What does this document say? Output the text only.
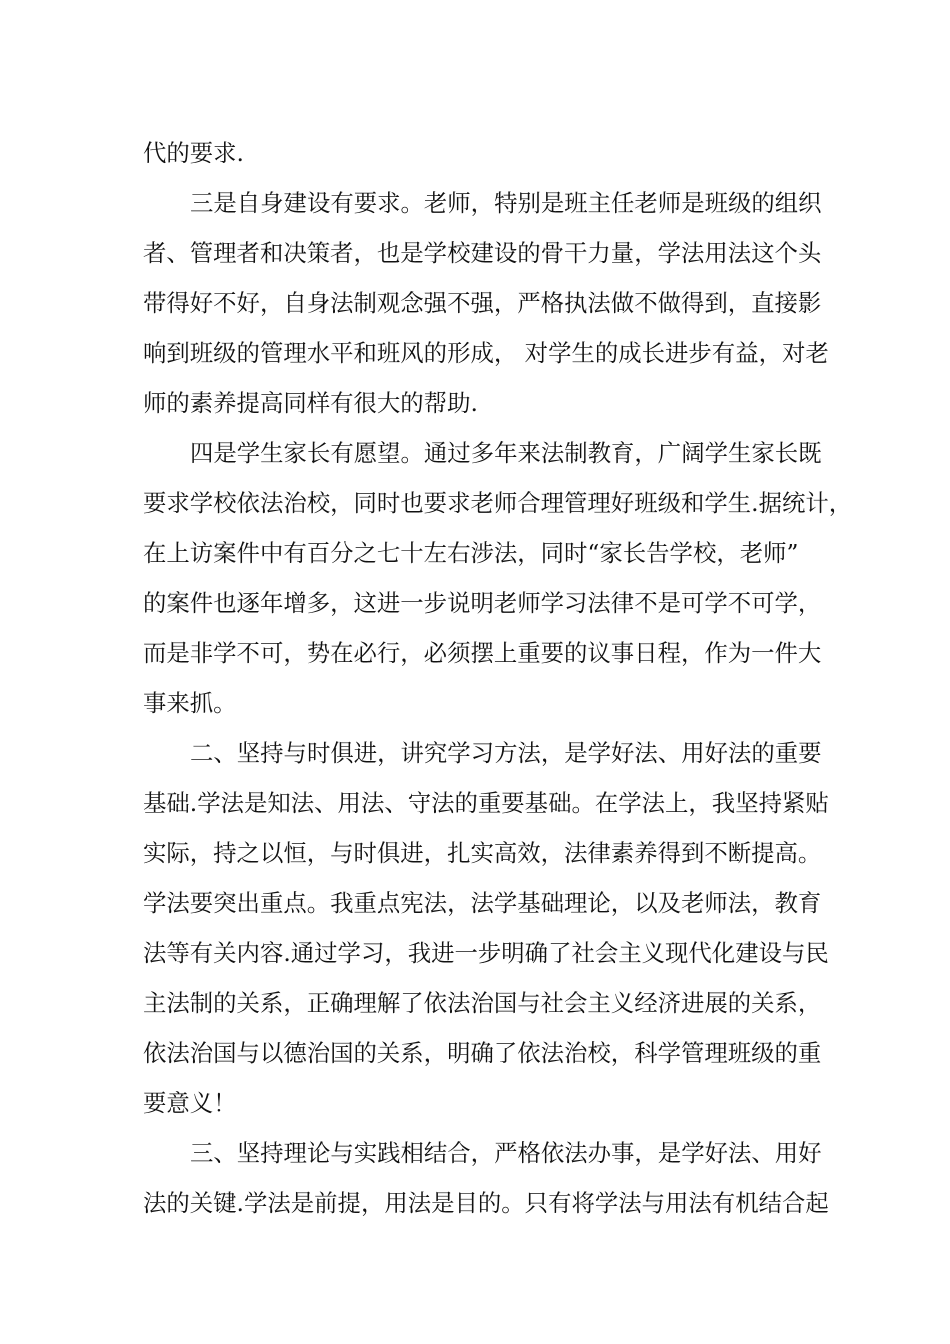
代的要求.
三是自身建设有要求。老师，特别是班主任老师是班级的组织
者、管理者和决策者，也是学校建设的骨干力量，学法用法这个头
带得好不好，自身法制观念强不强，严格执法做不做得到，直接影
响到班级的管理水平和班风的形成， 对学生的成长进步有益，对老
师的素养提高同样有很大的帮助.
四是学生家长有愿望。通过多年来法制教育，广阔学生家长既
要求学校依法治校，同时也要求老师合理管理好班级和学生.据统计，
在上访案件中有百分之七十左右涉法，同时“家长告学校，老师”
的案件也逐年增多，这进一步说明老师学习法律不是可学不可学，
而是非学不可，势在必行，必须摆上重要的议事日程，作为一件大
事来抓。
二、坚持与时俱进，讲究学习方法，是学好法、用好法的重要
基础.学法是知法、用法、守法的重要基础。在学法上，我坚持紧贴
实际，持之以恒，与时俱进，扎实高效，法律素养得到不断提高。
学法要突出重点。我重点宪法，法学基础理论，以及老师法，教育
法等有关内容.通过学习，我进一步明确了社会主义现代化建设与民
主法制的关系，正确理解了依法治国与社会主义经济进展的关系，
依法治国与以德治国的关系，明确了依法治校，科学管理班级的重
要意义！
三、坚持理论与实践相结合，严格依法办事，是学好法、用好
法的关键.学法是前提，用法是目的。只有将学法与用法有机结合起
